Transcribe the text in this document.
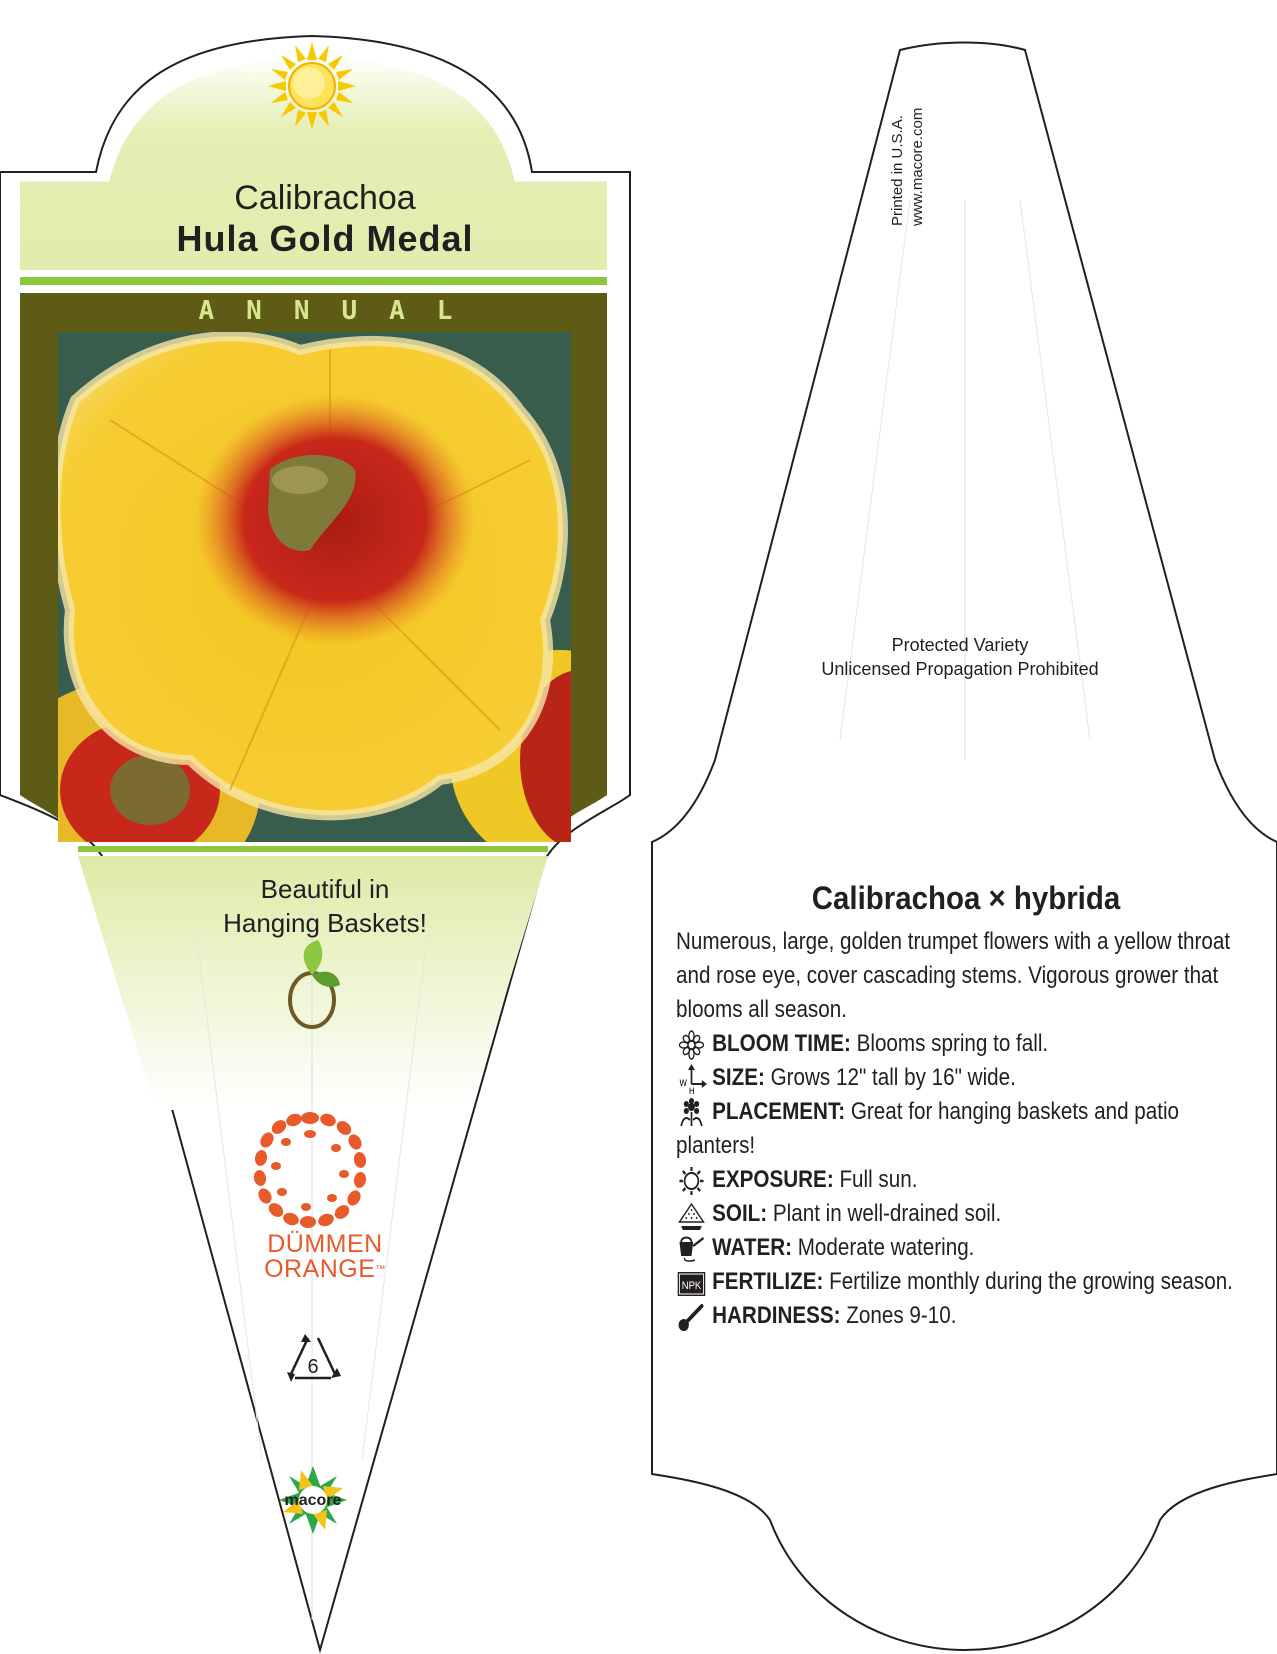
Calibrachoa
Hula Gold Medal
ANNUAL
Beautiful in
Hanging Baskets!
DÜMMEN
ORANGE™
6
macore
Printed in U.S.A. www.macore.com
Protected Variety
Unlicensed Propagation Prohibited
Calibrachoa × hybrida
Numerous, large, golden trumpet flowers with a yellow throat and rose eye, cover cascading stems. Vigorous grower that blooms all season.
BLOOM TIME: Blooms spring to fall.
W
H SIZE: Grows 12" tall by 16" wide.
PLACEMENT: Great for hanging baskets and patio planters!
EXPOSURE: Full sun.
SOIL: Plant in well-drained soil.
WATER: Moderate watering.
NPK FERTILIZE: Fertilize monthly during the growing season.
HARDINESS: Zones 9-10.
